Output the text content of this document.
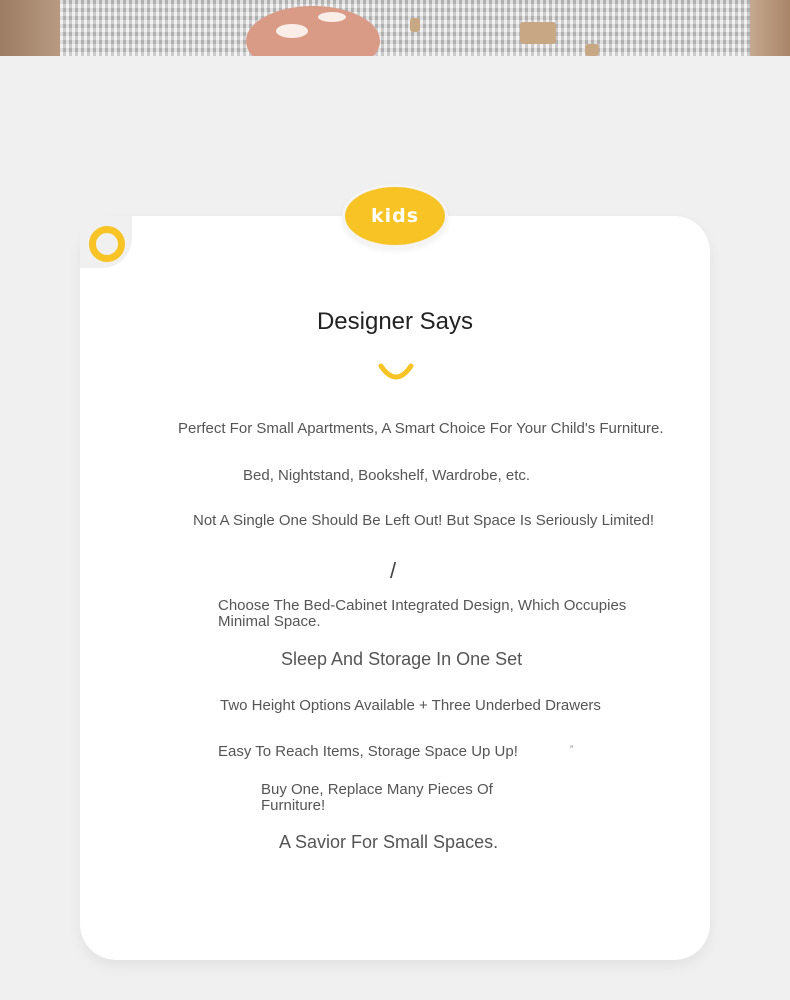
kids
Designer Says
Perfect For Small Apartments, A Smart Choice For Your Child's Furniture.
Bed, Nightstand, Bookshelf, Wardrobe, etc.
Not A Single One Should Be Left Out! But Space Is Seriously Limited!
/
Choose The Bed-Cabinet Integrated Design, Which Occupies Minimal Space.
Sleep And Storage In One Set
Two Height Options Available + Three Underbed Drawers
Easy To Reach Items, Storage Space Up Up!	″
Buy One, Replace Many Pieces Of Furniture!
A Savior For Small Spaces.
